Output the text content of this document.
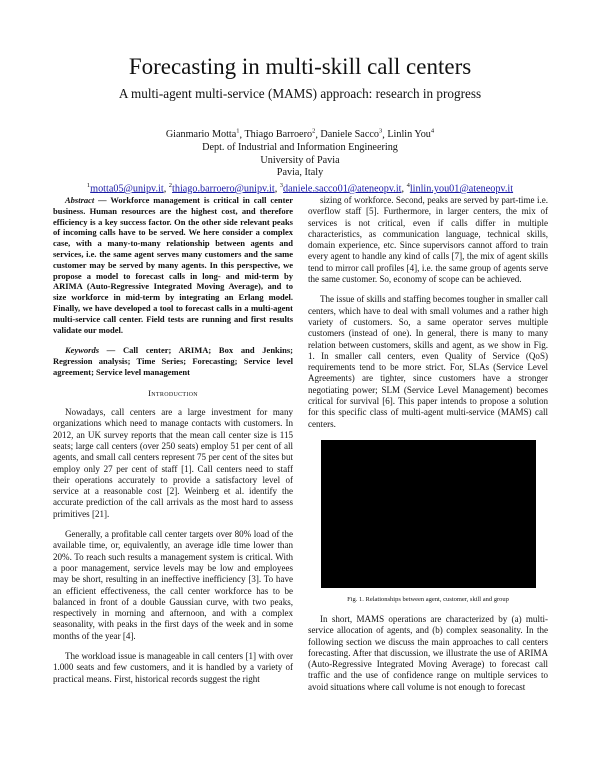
Forecasting in multi-skill call centers
A multi-agent multi-service (MAMS) approach: research in progress
Gianmario Motta$^1$, Thiago Barroero$^2$, Daniele Sacco$^3$, Linlin You$^4$
Dept. of Industrial and Information Engineering
University of Pavia
Pavia, Italy
$^1$motta05@unipv.it, $^2$thiago.barroero@unipv.it, $^3$daniele.sacco01@ateneopv.it, $^4$linlin.you01@ateneopv.it

Abstract — Workforce management is critical in call center business. Human resources are the highest cost, and therefore efficiency is a key success factor. On the other side relevant peaks of incoming calls have to be served. We here consider a complex case, with a many-to-many relationship between agents and services, i.e. the same agent serves many customers and the same customer may be served by many agents. In this perspective, we propose a model to forecast calls in long- and mid-term by ARIMA (Auto-Regressive Integrated Moving Average), and to size workforce in mid-term by integrating an Erlang model. Finally, we have developed a tool to forecast calls in a multi-agent multi-service call center. Field tests are running and first results validate our model.

Keywords — Call center; ARIMA; Box and Jenkins; Regression analysis; Time Series; Forecasting; Service level agreement; Service level management

Introduction

Nowadays, call centers are a large investment for many organizations which need to manage contacts with customers. In 2012, an UK survey reports that the mean call center size is 115 seats; large call centers (over 250 seats) employ 51 per cent of all agents, and small call centers represent 75 per cent of the sites but employ only 27 per cent of staff [1]. Call centers need to staff their operations accurately to provide a satisfactory level of service at a reasonable cost [2]. Weinberg et al. identify the accurate prediction of the call arrivals as the most hard to assess primitives [21].

Generally, a profitable call center targets over 80% load of the available time, or, equivalently, an average idle time lower than 20%. To reach such results a management system is critical. With a poor management, service levels may be low and employees may be short, resulting in an ineffective inefficiency [3]. To have an efficient effectiveness, the call center workforce has to be balanced in front of a double Gaussian curve, with two peaks, respectively in morning and afternoon, and with a complex seasonality, with peaks in the first days of the week and in some months of the year [4].

The workload issue is manageable in call centers [1] with over 1.000 seats and few customers, and it is handled by a variety of practical means. First, historical records suggest the right

sizing of workforce. Second, peaks are served by part-time i.e. overflow staff [5]. Furthermore, in larger centers, the mix of services is not critical, even if calls differ in multiple characteristics, as communication language, technical skills, domain experience, etc. Since supervisors cannot afford to train every agent to handle any kind of calls [7], the mix of agent skills tend to mirror call profiles [4], i.e. the same group of agents serve the same customer. So, economy of scope can be achieved.

The issue of skills and staffing becomes tougher in smaller call centers, which have to deal with small volumes and a rather high variety of customers. So, a same operator serves multiple customers (instead of one). In general, there is many to many relation between customers, skills and agent, as we show in Fig. 1. In smaller call centers, even Quality of Service (QoS) requirements tend to be more strict. For, SLAs (Service Level Agreements) are tighter, since customers have a stronger negotiating power; SLM (Service Level Management) becomes critical for survival [6]. This paper intends to propose a solution for this specific class of multi-agent multi-service (MAMS) call centers.

Fig. 1. Relationships between agent, customer, skill and group

In short, MAMS operations are characterized by (a) multi-service allocation of agents, and (b) complex seasonality. In the following section we discuss the main approaches to call centers forecasting. After that discussion, we illustrate the use of ARIMA (Auto-Regressive Integrated Moving Average) to forecast call traffic and the use of confidence range on multiple services to avoid situations where call volume is not enough to forecast
